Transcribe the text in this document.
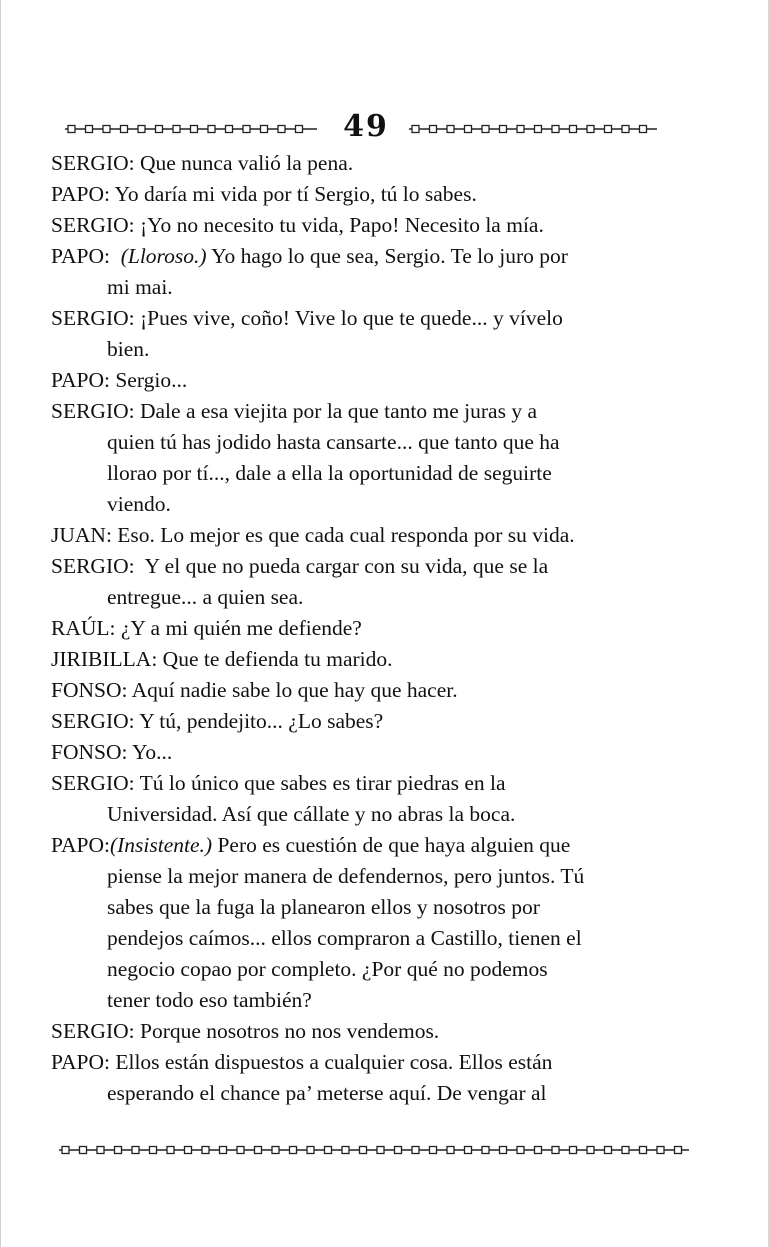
49
SERGIO: Que nunca valió la pena.
PAPO: Yo daría mi vida por tí Sergio, tú lo sabes.
SERGIO: ¡Yo no necesito tu vida, Papo! Necesito la mía.
PAPO:  (Lloroso.) Yo hago lo que sea, Sergio. Te lo juro por
mi mai.
SERGIO: ¡Pues vive, coño! Vive lo que te quede... y vívelo
bien.
PAPO: Sergio...
SERGIO: Dale a esa viejita por la que tanto me juras y a
quien tú has jodido hasta cansarte... que tanto que ha
llorao por tí..., dale a ella la oportunidad de seguirte
viendo.
JUAN: Eso. Lo mejor es que cada cual responda por su vida.
SERGIO:  Y el que no pueda cargar con su vida, que se la
entregue... a quien sea.
RAÚL: ¿Y a mi quién me defiende?
JIRIBILLA: Que te defienda tu marido.
FONSO: Aquí nadie sabe lo que hay que hacer.
SERGIO: Y tú, pendejito... ¿Lo sabes?
FONSO: Yo...
SERGIO: Tú lo único que sabes es tirar piedras en la
Universidad. Así que cállate y no abras la boca.
PAPO:(Insistente.) Pero es cuestión de que haya alguien que
piense la mejor manera de defendernos, pero juntos. Tú
sabes que la fuga la planearon ellos y nosotros por
pendejos caímos... ellos compraron a Castillo, tienen el
negocio copao por completo. ¿Por qué no podemos
tener todo eso también?
SERGIO: Porque nosotros no nos vendemos.
PAPO: Ellos están dispuestos a cualquier cosa. Ellos están
esperando el chance pa’ meterse aquí. De vengar al
